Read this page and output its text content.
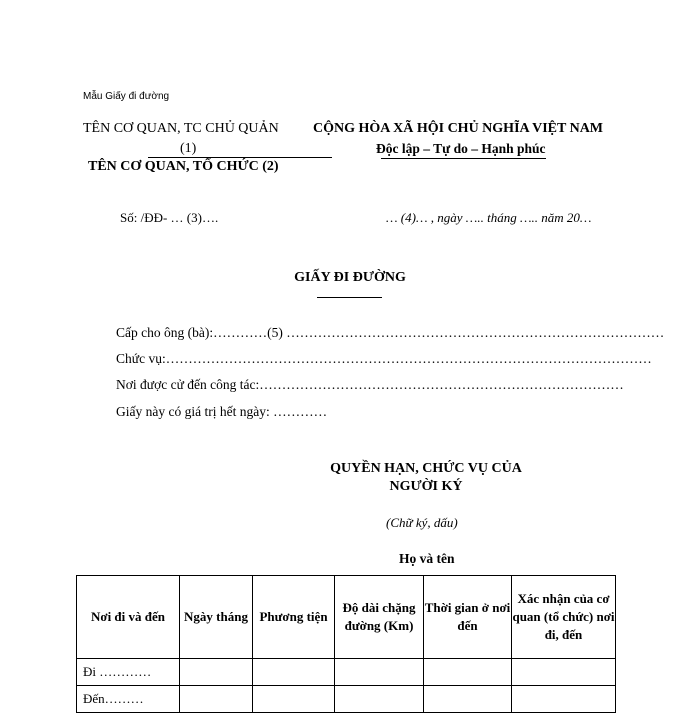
Mẫu Giấy đi đường
TÊN CƠ QUAN, TC CHỦ QUẢN
(1)
TÊN CƠ QUAN, TỔ CHỨC (2)
CỘNG HÒA XÃ HỘI CHỦ NGHĨA VIỆT NAM
Độc lập – Tự do – Hạnh phúc
Số: /ĐĐ- … (3)….	… (4)… , ngày ….. tháng ….. năm 20…
GIẤY ĐI ĐƯỜNG
Cấp cho ông (bà):…………(5) …………………………………………………………………………
Chức vụ:………………………………………………………………………………………………
Nơi được cử đến công tác:………………………………………………………………………
Giấy này có giá trị hết ngày: …………
QUYỀN HẠN, CHỨC VỤ CỦA NGƯỜI KÝ
(Chữ ký, dấu)
Họ và tên
Nơi đi và đến	Ngày tháng	Phương tiện	Độ dài chặng đường (Km)	Thời gian ở nơi đến	Xác nhận của cơ quan (tổ chức) nơi đi, đến
Đi …………					
Đến………					
